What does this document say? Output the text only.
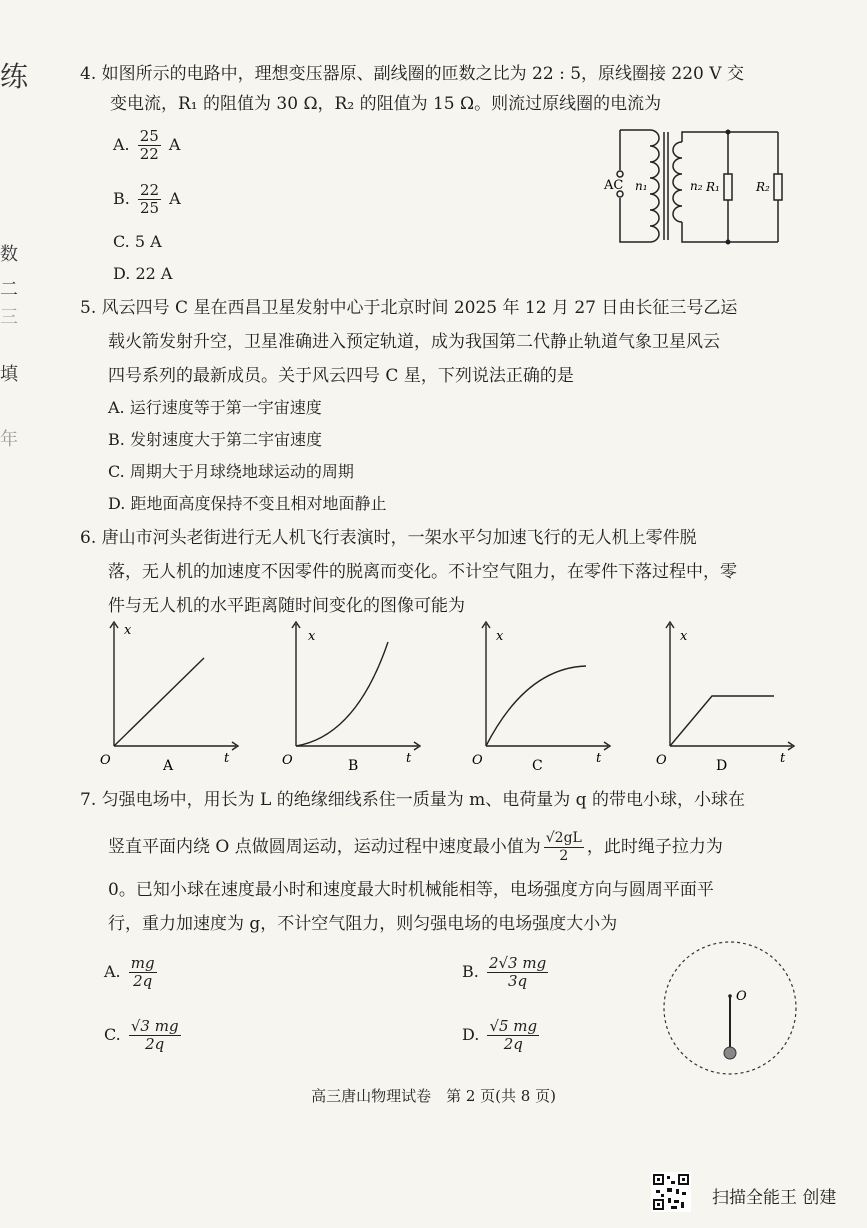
练
数
二
三
填
年
4. 如图所示的电路中，理想变压器原、副线圈的匝数之比为 22 : 5，原线圈接 220 V 交
变电流，R₁ 的阻值为 30 Ω，R₂ 的阻值为 15 Ω。则流过原线圈的电流为
A. $\frac{25}{22}$ A
B. $\frac{22}{25}$ A
C. 5 A
D. 22 A
AC n₁	n₂ R₁	R₂
5. 风云四号 C 星在西昌卫星发射中心于北京时间 2025 年 12 月 27 日由长征三号乙运
载火箭发射升空，卫星准确进入预定轨道，成为我国第二代静止轨道气象卫星风云
四号系列的最新成员。关于风云四号 C 星，下列说法正确的是
A. 运行速度等于第一宇宙速度
B. 发射速度大于第二宇宙速度
C. 周期大于月球绕地球运动的周期
D. 距地面高度保持不变且相对地面静止
6. 唐山市河头老街进行无人机飞行表演时，一架水平匀加速飞行的无人机上零件脱
落，无人机的加速度不因零件的脱离而变化。不计空气阻力，在零件下落过程中，零
件与无人机的水平距离随时间变化的图像可能为
x
t
O	A
x
t
O	B
x
t
O	C
x
t
O	D
7. 匀强电场中，用长为 L 的绝缘细线系住一质量为 m、电荷量为 q 的带电小球，小球在
竖直平面内绕 O 点做圆周运动，运动过程中速度最小值为 $\frac{√2gL}{2}$ ，此时绳子拉力为
0。已知小球在速度最小时和速度最大时机械能相等，电场强度方向与圆周平面平
行，重力加速度为 g，不计空气阻力，则匀强电场的电场强度大小为
A. $\frac{mg}{2q}$	B. $\frac{2√3 mg}{3q}$
C. $\frac{√3 mg}{2q}$	D. $\frac{√5 mg}{2q}$
O
高三唐山物理试卷　第 2 页(共 8 页)
扫描全能王 创建
